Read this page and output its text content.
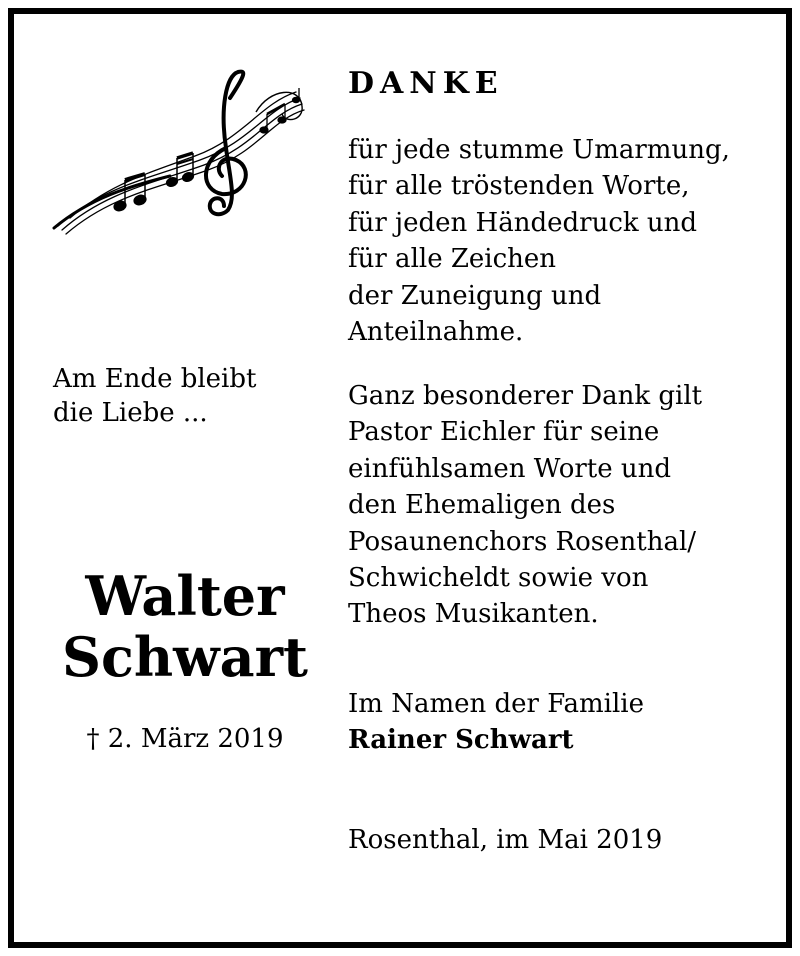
Am Ende bleibt
die Liebe ...
Walter
Schwart
† 2. März 2019
DANKE
für jede stumme Umarmung,
für alle tröstenden Worte,
für jeden Händedruck und
für alle Zeichen
der Zuneigung und
Anteilnahme.
Ganz besonderer Dank gilt
Pastor Eichler für seine
einfühlsamen Worte und
den Ehemaligen des
Posaunenchors Rosenthal/
Schwicheldt sowie von
Theos Musikanten.
Im Namen der Familie
Rainer Schwart
Rosenthal, im Mai 2019
